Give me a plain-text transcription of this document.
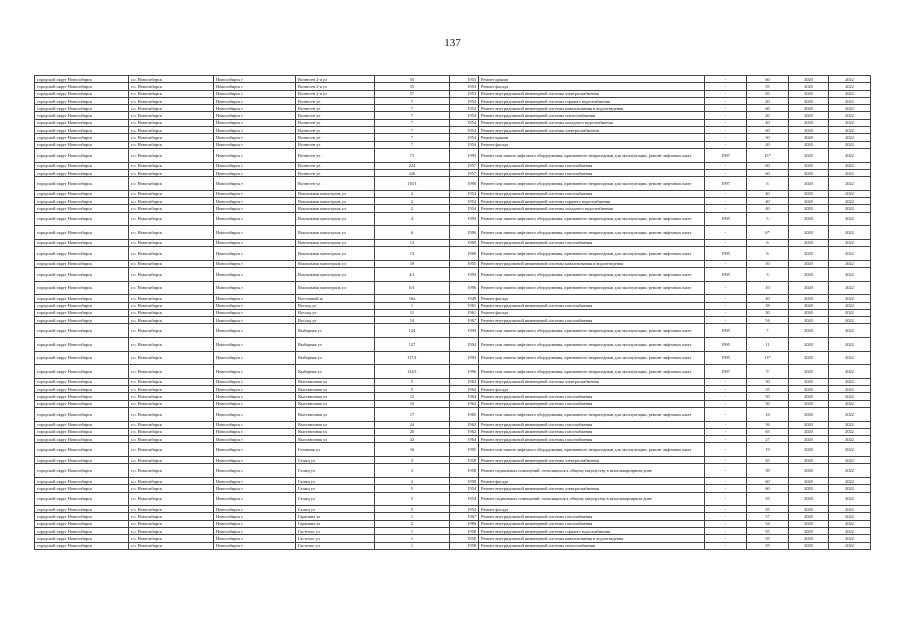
137
городской округ Новосибирск	г.о. Новосибирск	Новосибирск г	Вознесен 2-я ул	55	1953	Ремонт крыши	-	60	2020	2022
городской округ Новосибирск	г.о. Новосибирск	Новосибирск г	Вознесен 2-я ул	55	1953	Ремонт фасада	-	55	2020	2022
городской округ Новосибирск	г.о. Новосибирск	Новосибирск г	Вознесен 2-я ул	57	1953	Ремонт внутридомовой инженерной системы электроснабжения	-	65	2020	2022
городской округ Новосибирск	г.о. Новосибирск	Новосибирск г	Вознесен ул	7	1954	Ремонт внутридомовой инженерной системы горячего водоснабжения	-	20	2020	2022
городской округ Новосибирск	г.о. Новосибирск	Новосибирск г	Вознесен ул	7	1954	Ремонт внутридомовой инженерной системы канализования и водоотведения	-	60	2020	2022
городской округ Новосибирск	г.о. Новосибирск	Новосибирск г	Вознесен ул	7	1954	Ремонт внутридомовой инженерной системы теплоснабжения	-	20	2020	2022
городской округ Новосибирск	г.о. Новосибирск	Новосибирск г	Вознесен ул	7	1954	Ремонт внутридомовой инженерной системы холодного водоснабжения	-	20	2020	2022
городской округ Новосибирск	г.о. Новосибирск	Новосибирск г	Вознесен ул	7	1954	Ремонт внутридомовой инженерной системы электроснабжения	-	60	2020	2022
городской округ Новосибирск	г.о. Новосибирск	Новосибирск г	Вознесен ул	7	1954	Ремонт крыши	-	30	2020	2022
городской округ Новосибирск	г.о. Новосибирск	Новосибирск г	Вознесен ул	7	1954	Ремонт фасада	-	20	2020	2022
городской округ Новосибирск	г.о. Новосибирск	Новосибирск г	Вознесен ул	71	1993	Ремонт или замена лифтового оборудования, признанного непригодным для эксплуатации, ремонт лифтовых шахт	1997	15*	2020	2022
городской округ Новосибирск	г.о. Новосибирск	Новосибирск г	Вознесен ул	224	1957	Ремонт внутридомовой инженерной системы газоснабжения	-	60	2020	2022
городской округ Новосибирск	г.о. Новосибирск	Новосибирск г	Вознесен ул	226	1957	Ремонт внутридомовой инженерной системы газоснабжения	-	60	2020	2022
городской округ Новосибирск	г.о. Новосибирск	Новосибирск г	Вознесен ул	110/1	1990	Ремонт или замена лифтового оборудования, признанного непригодным для эксплуатации, ремонт лифтовых шахт	1997	6	2020	2022
городской округ Новосибирск	г.о. Новосибирск	Новосибирск г	Вокзальная магистраль ул	2	1954	Ремонт внутридомовой инженерной системы газоснабжения	-	40	2020	2022
городской округ Новосибирск	г.о. Новосибирск	Новосибирск г	Вокзальная магистраль ул	2	1954	Ремонт внутридомовой инженерной системы горячего водоснабжения	-	40	2020	2022
городской округ Новосибирск	г.о. Новосибирск	Новосибирск г	Вокзальная магистраль ул	2	1954	Ремонт внутридомовой инженерной системы холодного водоснабжения	-	40	2020	2022
городской округ Новосибирск	г.о. Новосибирск	Новосибирск г	Вокзальная магистраль ул	4	1993	Ремонт или замена лифтового оборудования, признанного непригодным для эксплуатации, ремонт лифтовых шахт	1995	5	2020	2022
городской округ Новосибирск	г.о. Новосибирск	Новосибирск г	Вокзальная магистраль ул	6	1996	Ремонт или замена лифтового оборудования, признанного непригодным для эксплуатации, ремонт лифтовых шахт	-	6*	2020	2022
городской округ Новосибирск	г.о. Новосибирск	Новосибирск г	Вокзальная магистраль ул	13	1969	Ремонт внутридомовой инженерной системы газоснабжения	-	6	2020	2022
городской округ Новосибирск	г.о. Новосибирск	Новосибирск г	Вокзальная магистраль ул	13	1969	Ремонт или замена лифтового оборудования, признанного непригодным для эксплуатации, ремонт лифтовых шахт	1995	6	2020	2022
городской округ Новосибирск	г.о. Новосибирск	Новосибирск г	Вокзальная магистраль ул	18	1955	Ремонт внутридомовой инженерной системы канализования и водоотведения	-	50	2020	2022
городской округ Новосибирск	г.о. Новосибирск	Новосибирск г	Вокзальная магистраль ул	4/1	1993	Ремонт или замена лифтового оборудования, признанного непригодным для эксплуатации, ремонт лифтовых шахт	1995	3	2020	2022
городской округ Новосибирск	г.о. Новосибирск	Новосибирск г	Вокзальная магистраль ул	6/1	1996	Ремонт или замена лифтового оборудования, признанного непригодным для эксплуатации, ремонт лифтовых шахт	-	10	2020	2022
городской округ Новосибирск	г.о. Новосибирск	Новосибирск г	Восточный ж	18а	1949	Ремонт фасада	-	40	2020	2022
городской округ Новосибирск	г.о. Новосибирск	Новосибирск г	Восход ул	1	1961	Ремонт внутридомовой инженерной системы газоснабжения	-	38	2020	2022
городской округ Новосибирск	г.о. Новосибирск	Новосибирск г	Восход ул	11	1961	Ремонт фасада	-	30	2020	2022
городской округ Новосибирск	г.о. Новосибирск	Новосибирск г	Восход ул	14	1967	Ремонт внутридомовой инженерной системы газоснабжения	-	54	2020	2022
городской округ Новосибирск	г.о. Новосибирск	Новосибирск г	Выборная ул	124	1994	Ремонт или замена лифтового оборудования, признанного непригодным для эксплуатации, ремонт лифтовых шахт	1995	7	2020	2022
городской округ Новосибирск	г.о. Новосибирск	Новосибирск г	Выборная ул	127	1994	Ремонт или замена лифтового оборудования, признанного непригодным для эксплуатации, ремонт лифтовых шахт	1995	11	2020	2022
городской округ Новосибирск	г.о. Новосибирск	Новосибирск г	Выборная ул	117/1	1994	Ремонт или замена лифтового оборудования, признанного непригодным для эксплуатации, ремонт лифтовых шахт	1995	13*	2020	2022
городской округ Новосибирск	г.о. Новосибирск	Новосибирск г	Выборная ул	124/1	1996	Ремонт или замена лифтового оборудования, признанного непригодным для эксплуатации, ремонт лифтовых шахт	1997	9	2020	2022
городской округ Новосибирск	г.о. Новосибирск	Новосибирск г	Выставочная ул	5	1964	Ремонт внутридомовой инженерной системы электроснабжения	-	50	2020	2022
городской округ Новосибирск	г.о. Новосибирск	Новосибирск г	Выставочная ул	5	1964	Ремонт фасада	-	35	2020	2022
городской округ Новосибирск	г.о. Новосибирск	Новосибирск г	Выставочная ул	12	1964	Ремонт внутридомовой инженерной системы газоснабжения	-	50	2020	2022
городской округ Новосибирск	г.о. Новосибирск	Новосибирск г	Выставочная ул	16	1962	Ремонт внутридомовой инженерной системы газоснабжения	-	50	2020	2022
городской округ Новосибирск	г.о. Новосибирск	Новосибирск г	Выставочная ул	17	1965	Ремонт или замена лифтового оборудования, признанного непригодным для эксплуатации, ремонт лифтовых шахт	-	16	2020	2022
городской округ Новосибирск	г.о. Новосибирск	Новосибирск г	Выставочная ул	24	1962	Ремонт внутридомовой инженерной системы газоснабжения	-	56	2020	2022
городской округ Новосибирск	г.о. Новосибирск	Новосибирск г	Выставочная ул	26	1962	Ремонт внутридомовой инженерной системы газоснабжения	-	65	2020	2022
городской округ Новосибирск	г.о. Новосибирск	Новосибирск г	Выставочная ул	32	1964	Ремонт внутридомовой инженерной системы газоснабжения	-	27	2020	2022
городской округ Новосибирск	г.о. Новосибирск	Новосибирск г	Газонная ул	16	1995	Ремонт или замена лифтового оборудования, признанного непригодным для эксплуатации, ремонт лифтовых шахт	-	19	2020	2022
городской округ Новосибирск	г.о. Новосибирск	Новосибирск г	Галащ ул	3	1958	Ремонт внутридомовой инженерной системы электроснабжения	-	65	2020	2022
городской округ Новосибирск	г.о. Новосибирск	Новосибирск г	Галащ ул	3	1958	Ремонт подвальных помещений, относящихся к общему имуществу в многоквартирном доме	-	39	2020	2022
городской округ Новосибирск	г.о. Новосибирск	Новосибирск г	Галащ ул	3	1958	Ремонт фасада	-	60	2020	2022
городской округ Новосибирск	г.о. Новосибирск	Новосибирск г	Галащ ул	5	1954	Ремонт внутридомовой инженерной системы электроснабжения	-	60	2020	2022
городской округ Новосибирск	г.о. Новосибирск	Новосибирск г	Галащ ул	5	1954	Ремонт подвальных помещений, относящихся к общему имуществу в многоквартирном доме	-	55	2020	2022
городской округ Новосибирск	г.о. Новосибирск	Новосибирск г	Галащ ул	5	1954	Ремонт фасада	-	55	2020	2022
городской округ Новосибирск	г.о. Новосибирск	Новосибирск г	Гаранина ул	1	1967	Ремонт внутридомовой инженерной системы газоснабжения	-	57	2020	2022
городской округ Новосибирск	г.о. Новосибирск	Новосибирск г	Гаранина ул	2	1986	Ремонт внутридомовой инженерной системы газоснабжения	-	54	2020	2022
городской округ Новосибирск	г.о. Новосибирск	Новосибирск г	Гастелло ул	1	1958	Ремонт внутридомовой инженерной системы горячего водоснабжения	-	55	2020	2022
городской округ Новосибирск	г.о. Новосибирск	Новосибирск г	Гастелло ул	1	1958	Ремонт внутридомовой инженерной системы канализования и водоотведения	-	55	2020	2022
городской округ Новосибирск	г.о. Новосибирск	Новосибирск г	Гастелло ул	1	1958	Ремонт внутридомовой инженерной системы теплоснабжения	-	55	2020	2022
